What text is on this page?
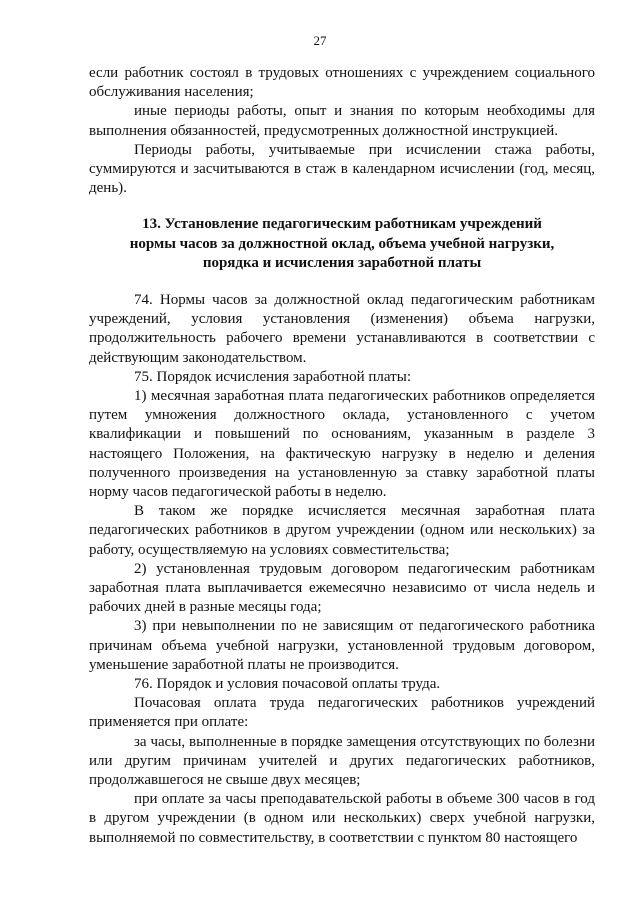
27

если работник состоял в трудовых отношениях с учреждением социального обслуживания населения;

иные периоды работы, опыт и знания по которым необходимы для выполнения обязанностей, предусмотренных должностной инструкцией.

Периоды работы, учитываемые при исчислении стажа работы, суммируются и засчитываются в стаж в календарном исчислении (год, месяц, день).

13. Установление педагогическим работникам учреждений
нормы часов за должностной оклад, объема учебной нагрузки,
порядка и исчисления заработной платы

74. Нормы часов за должностной оклад педагогическим работникам учреждений, условия установления (изменения) объема нагрузки, продолжительность рабочего времени устанавливаются в соответствии с действующим законодательством.

75. Порядок исчисления заработной платы:

1) месячная заработная плата педагогических работников определяется путем умножения должностного оклада, установленного с учетом квалификации и повышений по основаниям, указанным в разделе 3 настоящего Положения, на фактическую нагрузку в неделю и деления полученного произведения на установленную за ставку заработной платы норму часов педагогической работы в неделю.

В таком же порядке исчисляется месячная заработная плата педагогических работников в другом учреждении (одном или нескольких) за работу, осуществляемую на условиях совместительства;

2) установленная трудовым договором педагогическим работникам заработная плата выплачивается ежемесячно независимо от числа недель и рабочих дней в разные месяцы года;

3) при невыполнении по не зависящим от педагогического работника причинам объема учебной нагрузки, установленной трудовым договором, уменьшение заработной платы не производится.

76. Порядок и условия почасовой оплаты труда.

Почасовая оплата труда педагогических работников учреждений применяется при оплате:

за часы, выполненные в порядке замещения отсутствующих по болезни или другим причинам учителей и других педагогических работников, продолжавшегося не свыше двух месяцев;

при оплате за часы преподавательской работы в объеме 300 часов в год в другом учреждении (в одном или нескольких) сверх учебной нагрузки, выполняемой по совместительству, в соответствии с пунктом 80 настоящего
